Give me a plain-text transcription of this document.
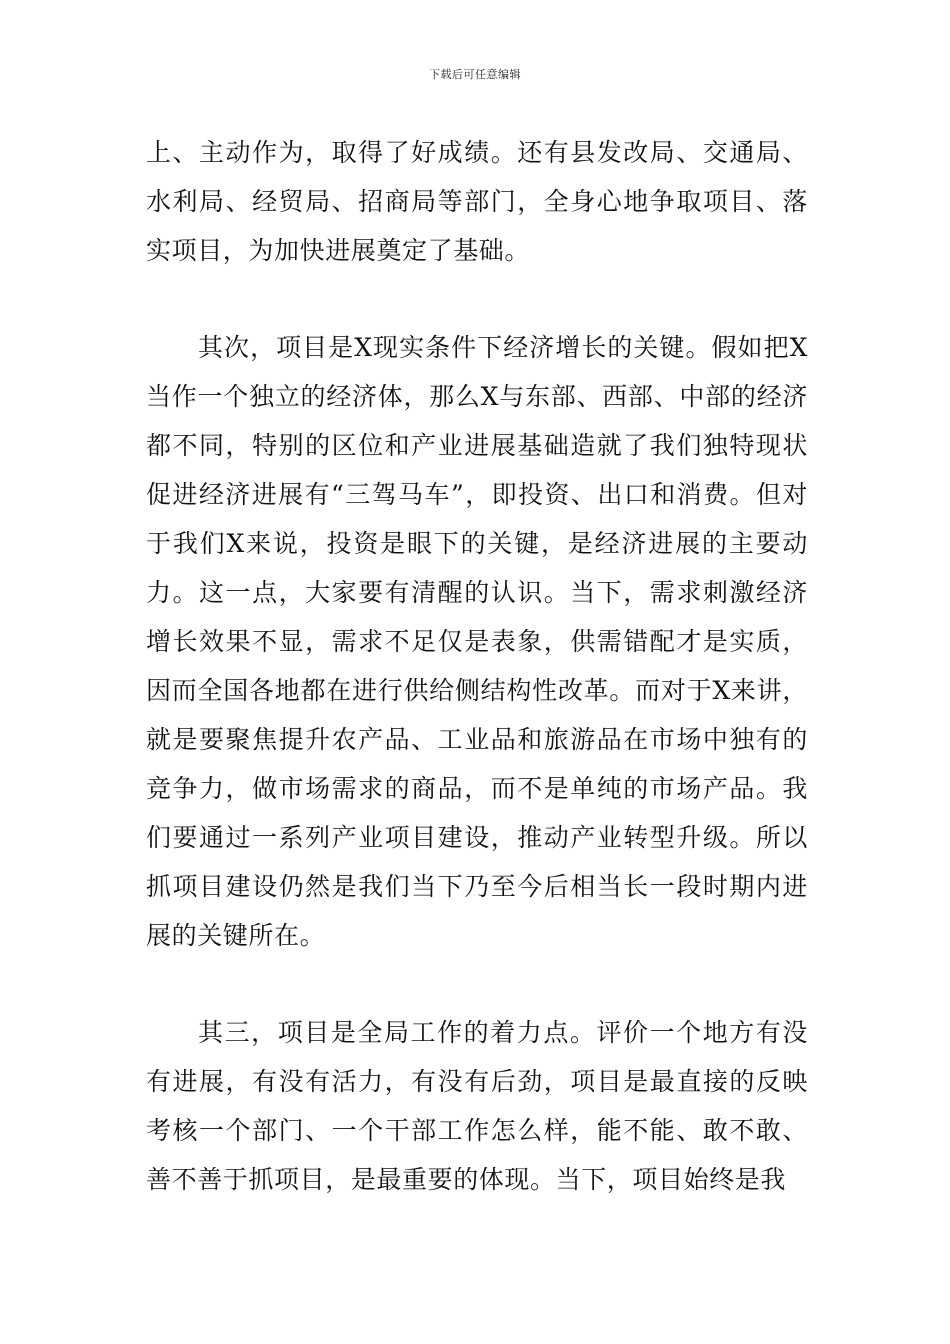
下载后可任意编辑

上、主动作为，取得了好成绩。还有县发改局、交通局、水利局、经贸局、招商局等部门，全身心地争取项目、落实项目，为加快进展奠定了基础。

其次，项目是X现实条件下经济增长的关键。假如把X当作一个独立的经济体，那么X与东部、西部、中部的经济都不同，特别的区位和产业进展基础造就了我们独特现状促进经济进展有“三驾马车”，即投资、出口和消费。但对于我们X来说，投资是眼下的关键，是经济进展的主要动力。这一点，大家要有清醒的认识。当下，需求刺激经济增长效果不显，需求不足仅是表象，供需错配才是实质，因而全国各地都在进行供给侧结构性改革。而对于X来讲，就是要聚焦提升农产品、工业品和旅游品在市场中独有的竞争力，做市场需求的商品，而不是单纯的市场产品。我们要通过一系列产业项目建设，推动产业转型升级。所以抓项目建设仍然是我们当下乃至今后相当长一段时期内进展的关键所在。

其三，项目是全局工作的着力点。评价一个地方有没有进展，有没有活力，有没有后劲，项目是最直接的反映考核一个部门、一个干部工作怎么样，能不能、敢不敢、善不善于抓项目，是最重要的体现。当下，项目始终是我
